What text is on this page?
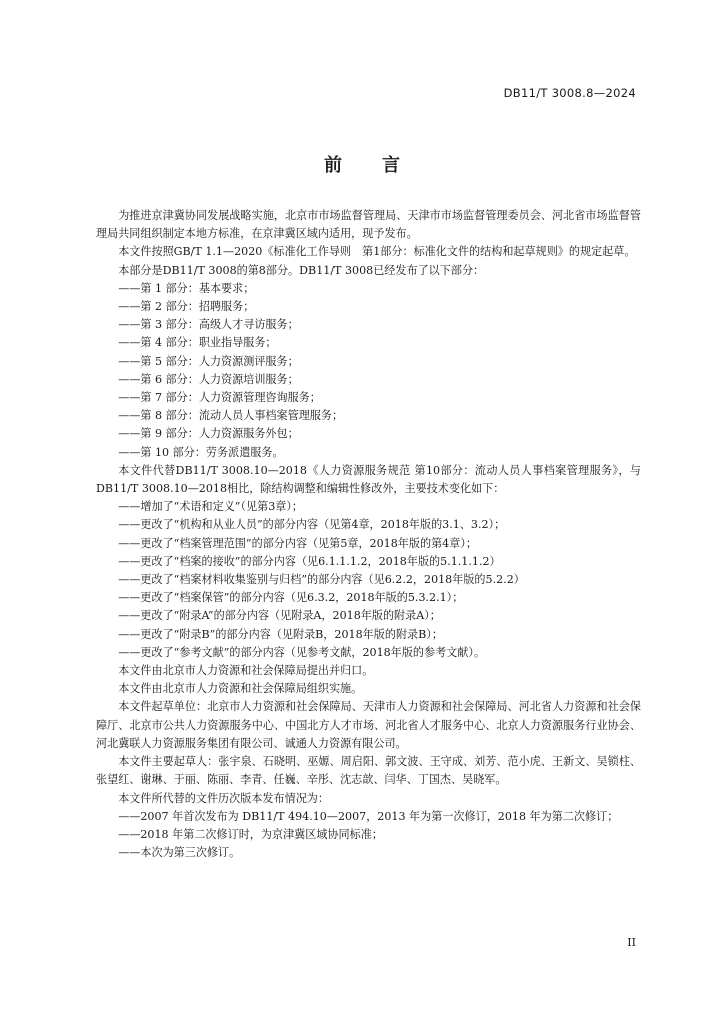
DB11/T 3008.8—2024
前言

为推进京津冀协同发展战略实施，北京市市场监督管理局、天津市市场监督管理委员会、河北省市场监督管理局共同组织制定本地方标准，在京津冀区域内适用，现予发布。

本文件按照GB/T 1.1—2020《标准化工作导则　第1部分：标准化文件的结构和起草规则》的规定起草。

本部分是DB11/T 3008的第8部分。DB11/T 3008已经发布了以下部分：

——第 1 部分：基本要求；

——第 2 部分：招聘服务；

——第 3 部分：高级人才寻访服务；

——第 4 部分：职业指导服务；

——第 5 部分：人力资源测评服务；

——第 6 部分：人力资源培训服务；

——第 7 部分：人力资源管理咨询服务；

——第 8 部分：流动人员人事档案管理服务；

——第 9 部分：人力资源服务外包；

——第 10 部分：劳务派遣服务。

本文件代替DB11/T 3008.10—2018《人力资源服务规范 第10部分：流动人员人事档案管理服务》，与DB11/T 3008.10—2018相比，除结构调整和编辑性修改外，主要技术变化如下：

——增加了“术语和定义”（见第3章）；

——更改了“机构和从业人员”的部分内容（见第4章，2018年版的3.1、3.2）；

——更改了“档案管理范围”的部分内容（见第5章，2018年版的第4章）；

——更改了“档案的接收”的部分内容（见6.1.1.1.2，2018年版的5.1.1.1.2）

——更改了“档案材料收集鉴别与归档”的部分内容（见6.2.2，2018年版的5.2.2）

——更改了“档案保管”的部分内容（见6.3.2，2018年版的5.3.2.1）；

——更改了“附录A”的部分内容（见附录A，2018年版的附录A）；

——更改了“附录B”的部分内容（见附录B，2018年版的附录B）；

——更改了“参考文献”的部分内容（见参考文献，2018年版的参考文献）。

本文件由北京市人力资源和社会保障局提出并归口。

本文件由北京市人力资源和社会保障局组织实施。

本文件起草单位：北京市人力资源和社会保障局、天津市人力资源和社会保障局、河北省人力资源和社会保障厅、北京市公共人力资源服务中心、中国北方人才市场、河北省人才服务中心、北京人力资源服务行业协会、河北冀联人力资源服务集团有限公司、诚通人力资源有限公司。

本文件主要起草人：张宇泉、石晓明、巫嫄、周启阳、郭文波、王守成、刘芳、范小虎、王新文、吴锁柱、张望红、谢琳、于丽、陈丽、李青、任巍、辛彤、沈志歆、闫华、丁国杰、吴晓军。

本文件所代替的文件历次版本发布情况为：

——2007 年首次发布为 DB11/T 494.10—2007，2013 年为第一次修订，2018 年为第二次修订；

——2018 年第二次修订时，为京津冀区域协同标准；

——本次为第三次修订。

II
